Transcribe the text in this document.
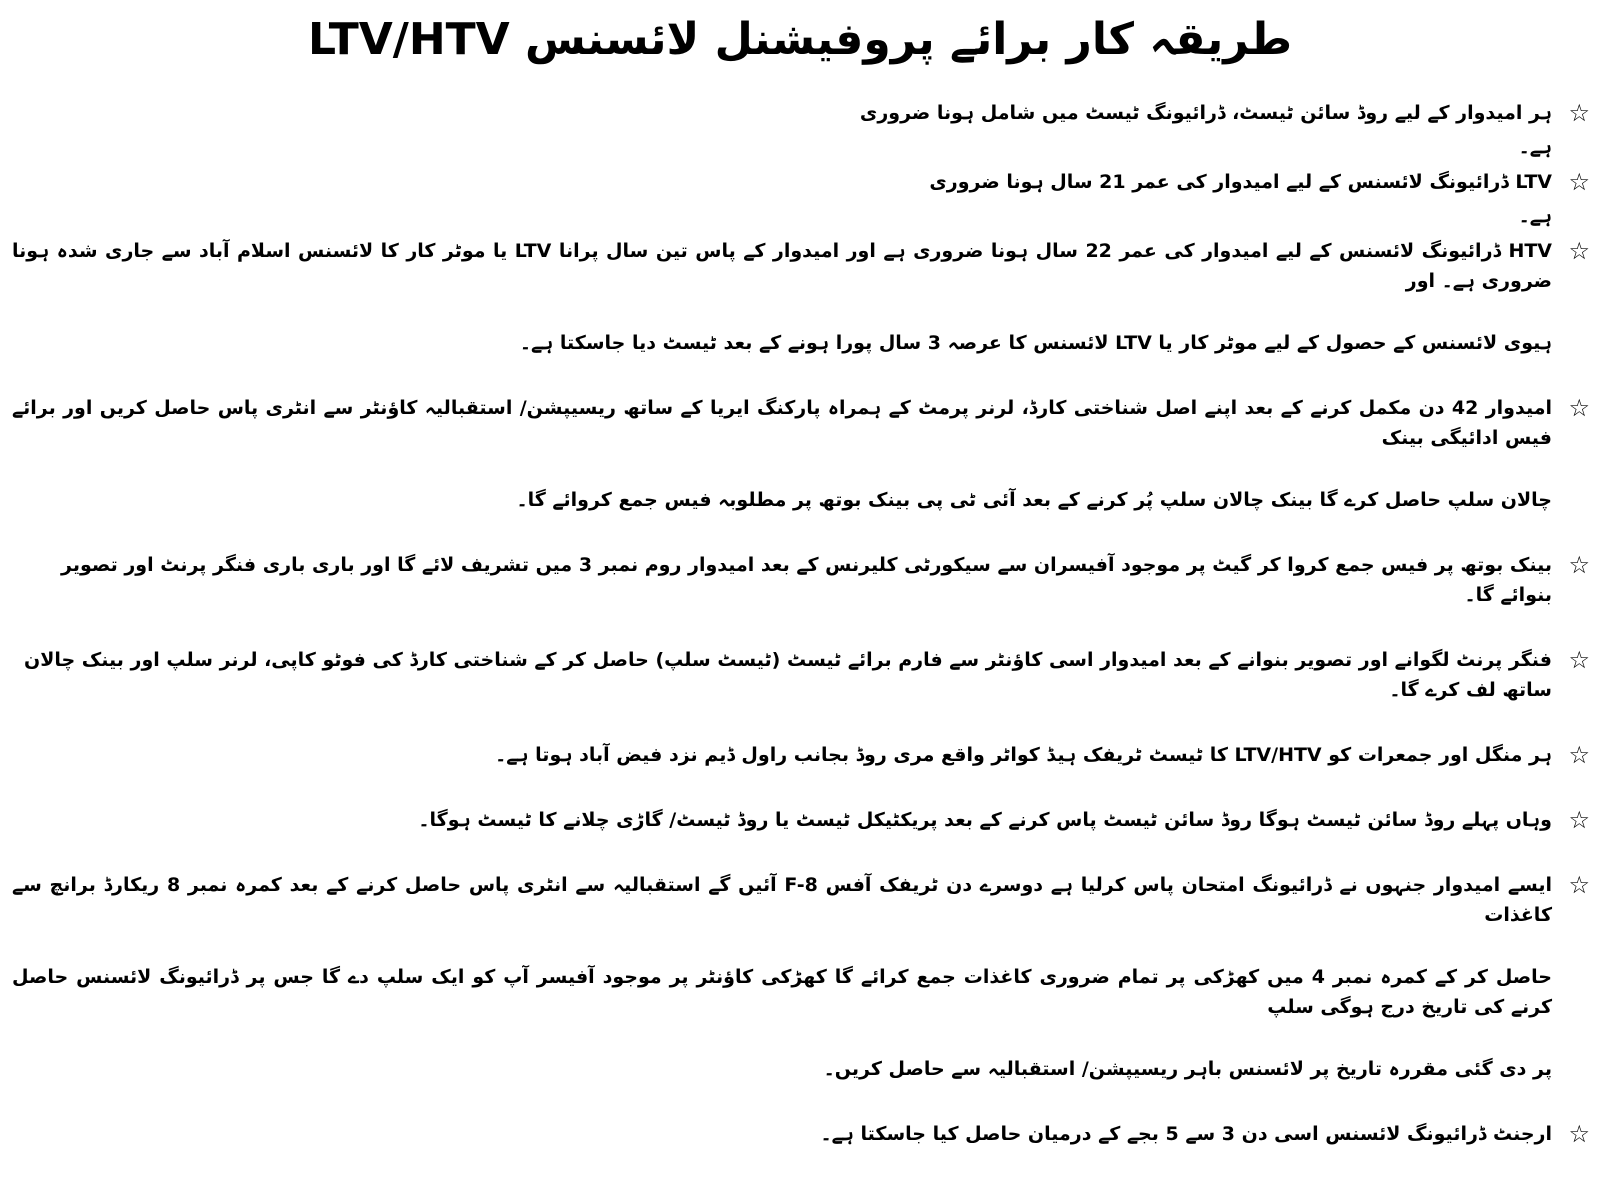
طریقہ کار برائے پروفیشنل لائسنس LTV/HTV
☆
ہر امیدوار کے لیے روڈ سائن ٹیسٹ، ڈرائیونگ ٹیسٹ میں شامل ہونا ضروری
ہے۔
☆
LTV ڈرائیونگ لائسنس کے لیے امیدوار کی عمر 21 سال ہونا ضروری
ہے۔
☆
HTV ڈرائیونگ لائسنس کے لیے امیدوار کی عمر 22 سال ہونا ضروری ہے اور امیدوار کے پاس تین سال پرانا LTV یا موٹر کار کا لائسنس اسلام آباد سے جاری شدہ ہونا ضروری ہے۔ اور
ہیوی لائسنس کے حصول کے لیے موٹر کار یا LTV لائسنس کا عرصہ 3 سال پورا ہونے کے بعد ٹیسٹ دیا جاسکتا ہے۔
☆
امیدوار 42 دن مکمل کرنے کے بعد اپنے اصل شناختی کارڈ، لرنر پرمٹ کے ہمراہ پارکنگ ایریا کے ساتھ ریسیپشن/ استقبالیہ کاؤنٹر سے انٹری پاس حاصل کریں اور برائے فیس ادائیگی بینک
چالان سلپ حاصل کرے گا بینک چالان سلپ پُر کرنے کے بعد آئی ٹی پی بینک بوتھ پر مطلوبہ فیس جمع کروائے گا۔
☆
بینک بوتھ پر فیس جمع کروا کر گیٹ پر موجود آفیسران سے سیکورٹی کلیرنس کے بعد امیدوار روم نمبر 3 میں تشریف لائے گا اور باری باری فنگر پرنٹ اور تصویر بنوائے گا۔
☆
فنگر پرنٹ لگوانے اور تصویر بنوانے کے بعد امیدوار اسی کاؤنٹر سے فارم برائے ٹیسٹ (ٹیسٹ سلپ) حاصل کر کے شناختی کارڈ کی فوٹو کاپی، لرنر سلپ اور بینک چالان ساتھ لف کرے گا۔
☆
ہر منگل اور جمعرات کو LTV/HTV کا ٹیسٹ ٹریفک ہیڈ کواٹر واقع مری روڈ بجانب راول ڈیم نزد فیض آباد ہوتا ہے۔
☆
وہاں پہلے روڈ سائن ٹیسٹ ہوگا روڈ سائن ٹیسٹ پاس کرنے کے بعد پریکٹیکل ٹیسٹ یا روڈ ٹیسٹ/ گاڑی چلانے کا ٹیسٹ ہوگا۔
☆
ایسے امیدوار جنہوں نے ڈرائیونگ امتحان پاس کرلیا ہے دوسرے دن ٹریفک آفس F-8 آئیں گے استقبالیہ سے انٹری پاس حاصل کرنے کے بعد کمرہ نمبر 8 ریکارڈ برانچ سے کاغذات
حاصل کر کے کمرہ نمبر 4 میں کھڑکی پر تمام ضروری کاغذات جمع کرائے گا کھڑکی کاؤنٹر پر موجود آفیسر آپ کو ایک سلپ دے گا جس پر ڈرائیونگ لائسنس حاصل کرنے کی تاریخ درج ہوگی سلپ
پر دی گئی مقررہ تاریخ پر لائسنس باہر ریسیپشن/ استقبالیہ سے حاصل کریں۔
☆
ارجنٹ ڈرائیونگ لائسنس اسی دن 3 سے 5 بجے کے درمیان حاصل کیا جاسکتا ہے۔
